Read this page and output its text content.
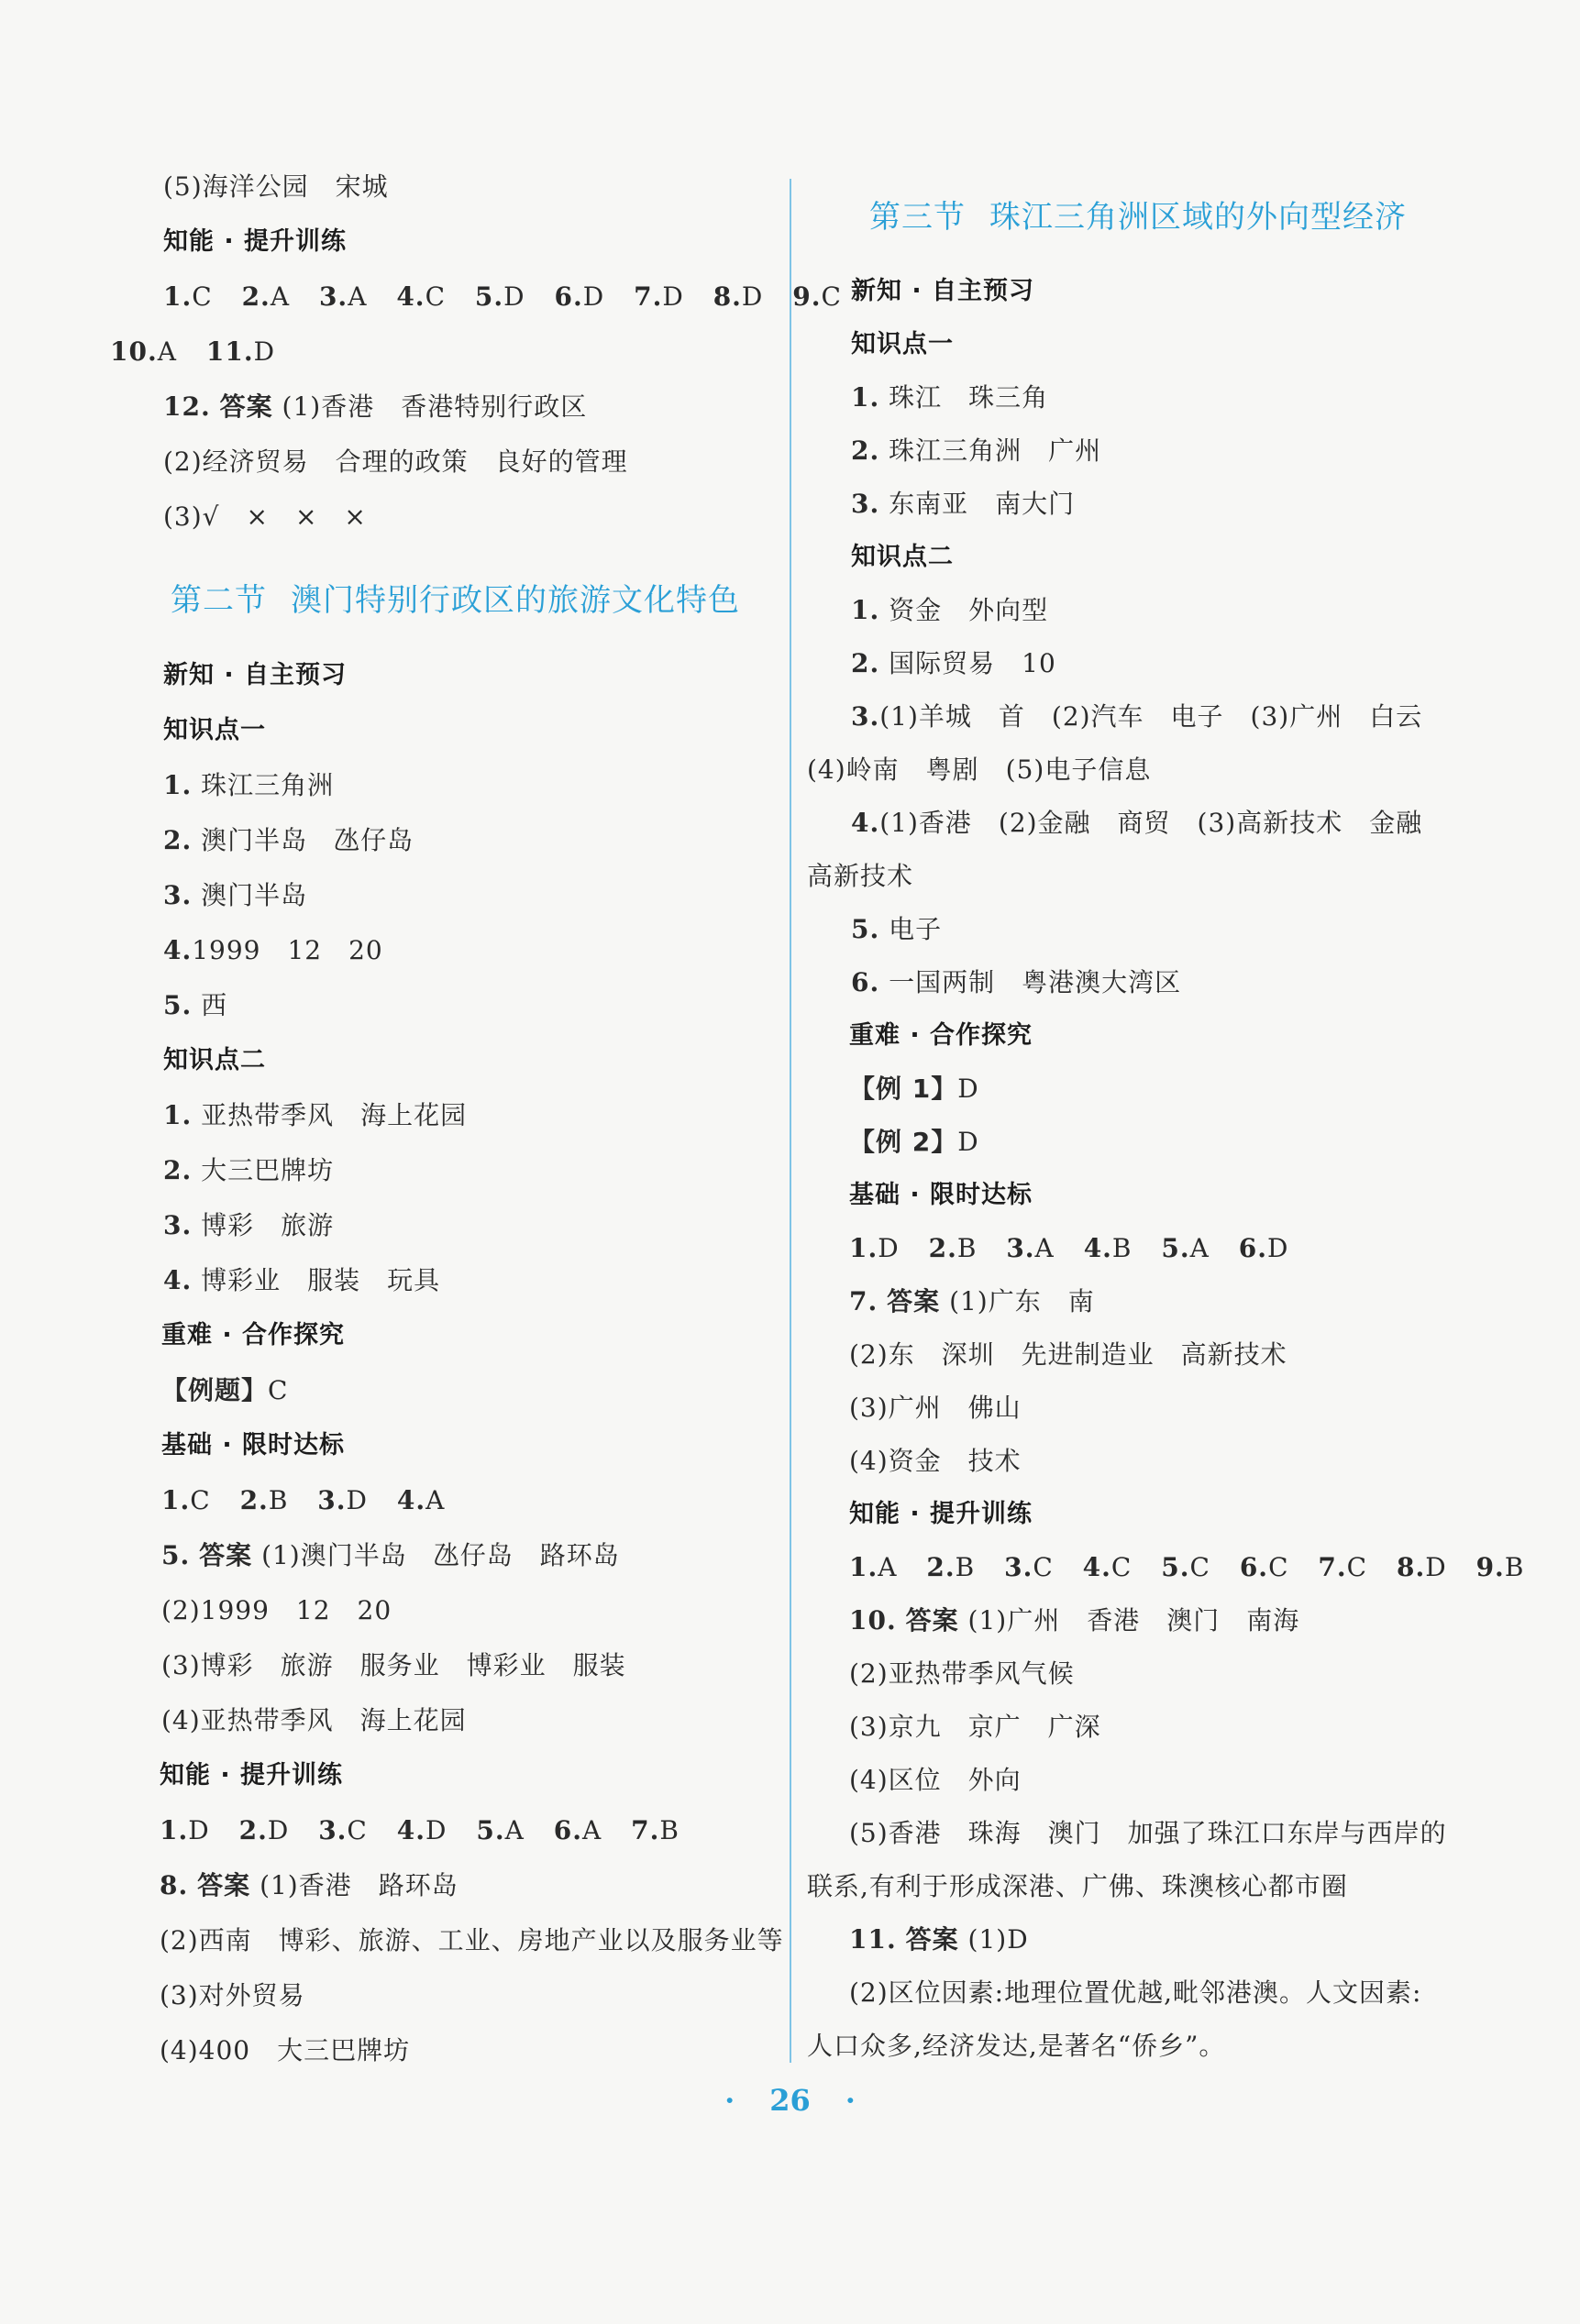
(5)海洋公园　宋城
知能 · 提升训练
1.C 2.A 3.A 4.C 5.D 6.D 7.D 8.D 9.C
10.A 11.D
12. 答案 (1)香港　香港特别行政区
(2)经济贸易　合理的政策　良好的管理
(3)√　×　×　×
第二节 澳门特别行政区的旅游文化特色
新知 · 自主预习
知识点一
1. 珠江三角洲
2. 澳门半岛　氹仔岛
3. 澳门半岛
4.1999　12　20
5. 西
知识点二
1. 亚热带季风　海上花园
2. 大三巴牌坊
3. 博彩　旅游
4. 博彩业　服装　玩具
重难 · 合作探究
【例题】C
基础 · 限时达标
1.C 2.B 3.D 4.A
5. 答案 (1)澳门半岛　氹仔岛　路环岛
(2)1999　12　20
(3)博彩　旅游　服务业　博彩业　服装
(4)亚热带季风　海上花园
知能 · 提升训练
1.D 2.D 3.C 4.D 5.A 6.A 7.B
8. 答案 (1)香港　路环岛
(2)西南　博彩、旅游、工业、房地产业以及服务业等
(3)对外贸易
(4)400　大三巴牌坊
第三节 珠江三角洲区域的外向型经济
新知 · 自主预习
知识点一
1. 珠江　珠三角
2. 珠江三角洲　广州
3. 东南亚　南大门
知识点二
1. 资金　外向型
2. 国际贸易　10
3.(1)羊城　首　(2)汽车　电子　(3)广州　白云
(4)岭南　粤剧　(5)电子信息
4.(1)香港　(2)金融　商贸　(3)高新技术　金融
高新技术
5. 电子
6. 一国两制　粤港澳大湾区
重难 · 合作探究
【例 1】D
【例 2】D
基础 · 限时达标
1.D 2.B 3.A 4.B 5.A 6.D
7. 答案 (1)广东　南
(2)东　深圳　先进制造业　高新技术
(3)广州　佛山
(4)资金　技术
知能 · 提升训练
1.A 2.B 3.C 4.C 5.C 6.C 7.C 8.D 9.B
10. 答案 (1)广州　香港　澳门　南海
(2)亚热带季风气候
(3)京九　京广　广深
(4)区位　外向
(5)香港　珠海　澳门　加强了珠江口东岸与西岸的
联系,有利于形成深港、广佛、珠澳核心都市圈
11. 答案 (1)D
(2)区位因素:地理位置优越,毗邻港澳。人文因素:
人口众多,经济发达,是著名“侨乡”。
· 26 ·
